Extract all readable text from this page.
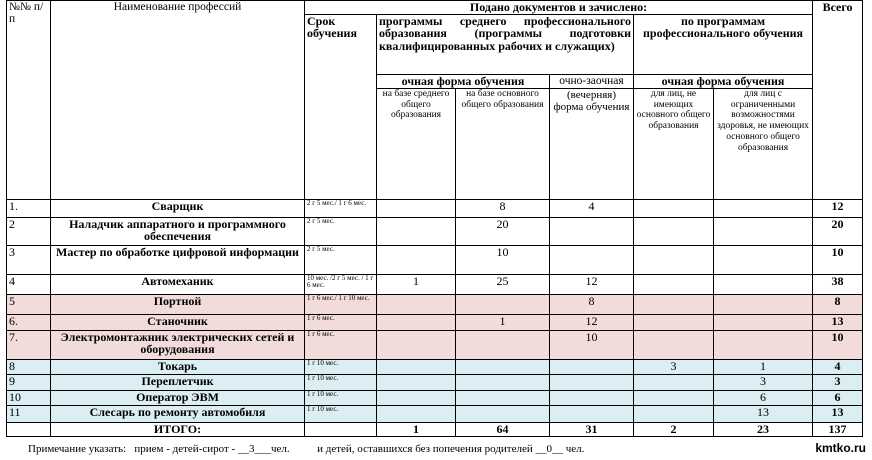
№№ п/п	Наименование профессий	Подано документов и зачислено:						Всего
		Срок обучения	программы среднего профессионального образования (программы подготовки квалифицированных рабочих и служащих)			по программам профессионального обучения		
			очная форма обучения		очно-заочная	очная форма обучения		
			на базе среднего общего образования	на базе основного общего образования	(вечерняя) форма обучения	для лиц, не имеющих основного общего образования	для лиц с ограниченными возможностями здоровья, не имеющих основного общего образования	
1.	Сварщик	2 г 5 мес./ 1 г 6 мес.		8	4			12
2	Наладчик аппаратного и программного обеспечения	2 г 5 мес.		20				20
3	Мастер по обработке цифровой информации	2 г 5 мес.		10				10
4	Автомеханик	10 мес. /2 г 5 мес. / 1 г 6 мес.	1	25	12			38
5	Портной	1 г 6 мес./ 1 г 10 мес.			8			8
6.	Станочник	1 г 6 мес.		1	12			13
7.	Электромонтажник электрических сетей и оборудования	1 г 6 мес.			10			10
8	Токарь	1 г 10 мес.				3	1	4
9	Переплетчик	1 г 10 мес.					3	3
10	Оператор ЭВМ	1 г 10 мес.					6	6
11	Слесарь по ремонту автомобиля	1 г 10 мес.					13	13
	ИТОГО:		1	64	31	2	23	137
Примечание указать:   прием - детей-сирот - __3___чел.          и детей, оставшихся без попечения родителей __0__ чел.	kmtko.ru
